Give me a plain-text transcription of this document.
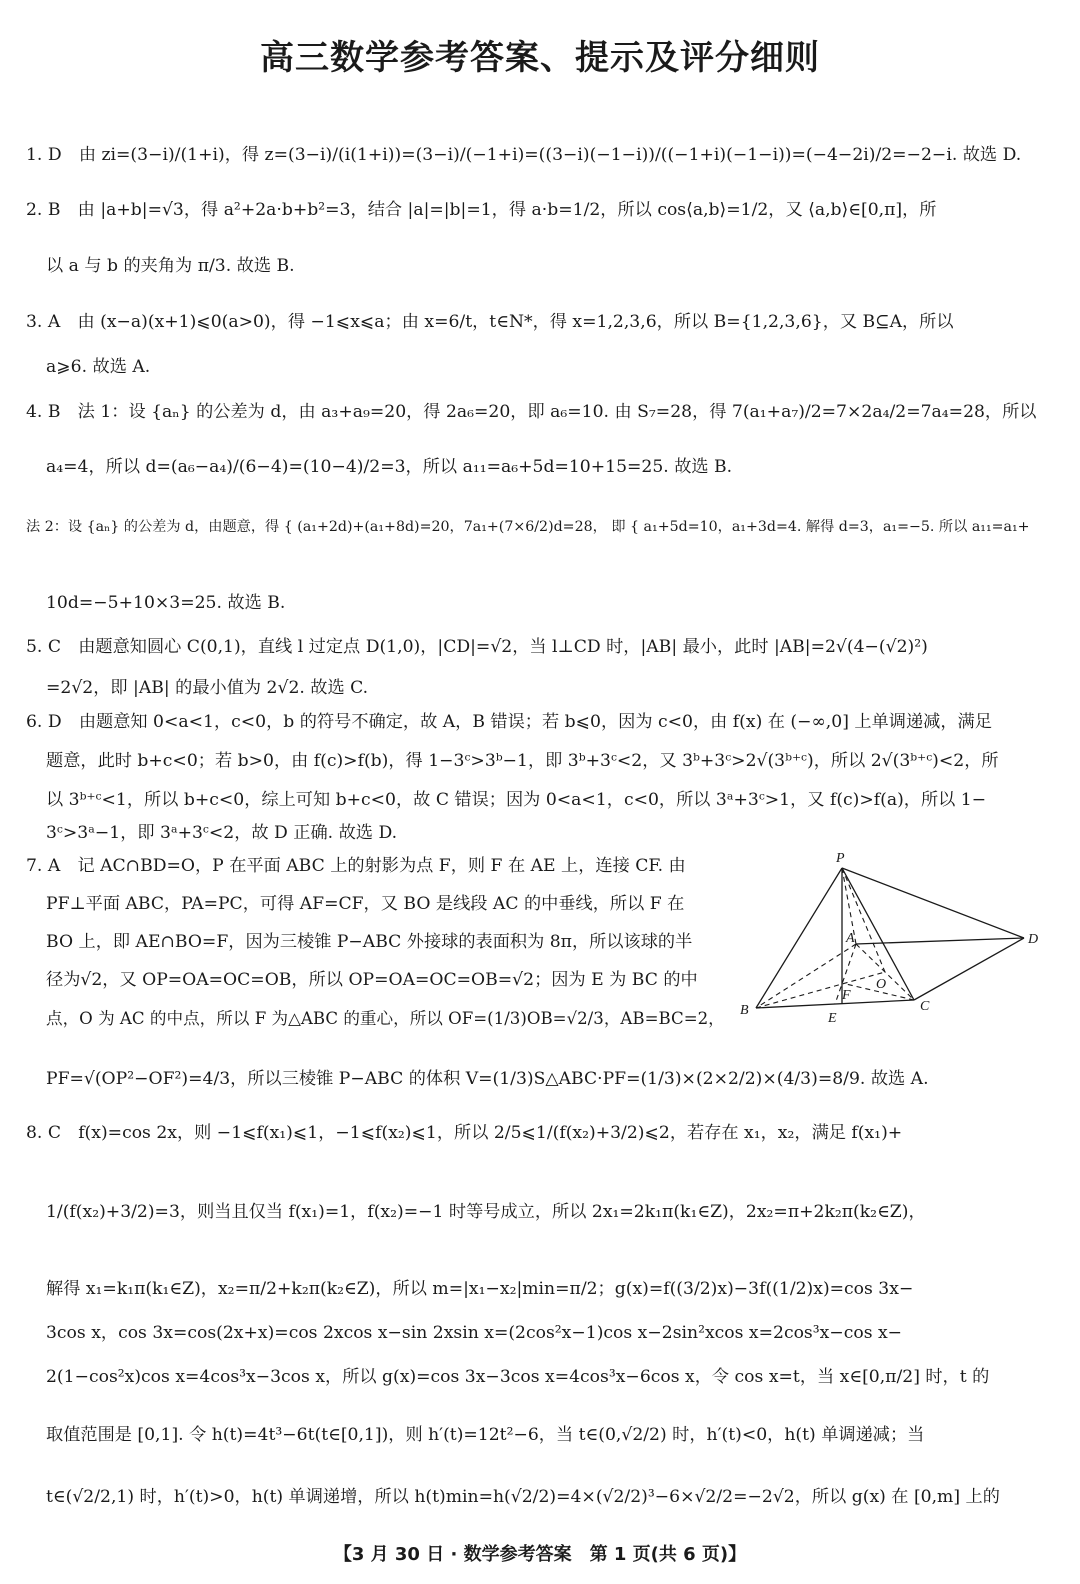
高三数学参考答案、提示及评分细则
1. D　由 zi=(3−i)/(1+i)，得 z=(3−i)/(i(1+i))=(3−i)/(−1+i)=((3−i)(−1−i))/((−1+i)(−1−i))=(−4−2i)/2=−2−i. 故选 D.
2. B　由 |a+b|=√3，得 a²+2a·b+b²=3，结合 |a|=|b|=1，得 a·b=1/2，所以 cos⟨a,b⟩=1/2，又 ⟨a,b⟩∈[0,π]，所
以 a 与 b 的夹角为 π/3. 故选 B.
3. A　由 (x−a)(x+1)⩽0(a>0)，得 −1⩽x⩽a；由 x=6/t，t∈N*，得 x=1,2,3,6，所以 B={1,2,3,6}，又 B⊆A，所以
a⩾6. 故选 A.
4. B　法 1：设 {aₙ} 的公差为 d，由 a₃+a₉=20，得 2a₆=20，即 a₆=10. 由 S₇=28，得 7(a₁+a₇)/2=7×2a₄/2=7a₄=28，所以
a₄=4，所以 d=(a₆−a₄)/(6−4)=(10−4)/2=3，所以 a₁₁=a₆+5d=10+15=25. 故选 B.
法 2：设 {aₙ} 的公差为 d，由题意，得 { (a₁+2d)+(a₁+8d)=20，7a₁+(7×6/2)d=28， 即 { a₁+5d=10，a₁+3d=4. 解得 d=3，a₁=−5. 所以 a₁₁=a₁+
10d=−5+10×3=25. 故选 B.
5. C　由题意知圆心 C(0,1)，直线 l 过定点 D(1,0)，|CD|=√2，当 l⊥CD 时，|AB| 最小，此时 |AB|=2√(4−(√2)²)
=2√2，即 |AB| 的最小值为 2√2. 故选 C.
6. D　由题意知 0<a<1，c<0，b 的符号不确定，故 A，B 错误；若 b⩽0，因为 c<0，由 f(x) 在 (−∞,0] 上单调递减，满足
题意，此时 b+c<0；若 b>0，由 f(c)>f(b)，得 1−3ᶜ>3ᵇ−1，即 3ᵇ+3ᶜ<2，又 3ᵇ+3ᶜ>2√(3ᵇ⁺ᶜ)，所以 2√(3ᵇ⁺ᶜ)<2，所
以 3ᵇ⁺ᶜ<1，所以 b+c<0，综上可知 b+c<0，故 C 错误；因为 0<a<1，c<0，所以 3ᵃ+3ᶜ>1，又 f(c)>f(a)，所以 1−
3ᶜ>3ᵃ−1，即 3ᵃ+3ᶜ<2，故 D 正确. 故选 D.
7. A　记 AC∩BD=O，P 在平面 ABC 上的射影为点 F，则 F 在 AE 上，连接 CF. 由
PF⊥平面 ABC，PA=PC，可得 AF=CF，又 BO 是线段 AC 的中垂线，所以 F 在
BO 上，即 AE∩BO=F，因为三棱锥 P−ABC 外接球的表面积为 8π，所以该球的半
径为√2，又 OP=OA=OC=OB，所以 OP=OA=OC=OB=√2；因为 E 为 BC 的中
点，O 为 AC 的中点，所以 F 为△ABC 的重心，所以 OF=(1/3)OB=√2/3，AB=BC=2，
PF=√(OP²−OF²)=4/3，所以三棱锥 P−ABC 的体积 V=(1/3)S△ABC·PF=(1/3)×(2×2/2)×(4/3)=8/9. 故选 A.
8. C　f(x)=cos 2x，则 −1⩽f(x₁)⩽1，−1⩽f(x₂)⩽1，所以 2/5⩽1/(f(x₂)+3/2)⩽2，若存在 x₁，x₂，满足 f(x₁)+
1/(f(x₂)+3/2)=3，则当且仅当 f(x₁)=1，f(x₂)=−1 时等号成立，所以 2x₁=2k₁π(k₁∈Z)，2x₂=π+2k₂π(k₂∈Z)，
解得 x₁=k₁π(k₁∈Z)，x₂=π/2+k₂π(k₂∈Z)，所以 m=|x₁−x₂|min=π/2；g(x)=f((3/2)x)−3f((1/2)x)=cos 3x−
3cos x，cos 3x=cos(2x+x)=cos 2xcos x−sin 2xsin x=(2cos²x−1)cos x−2sin²xcos x=2cos³x−cos x−
2(1−cos²x)cos x=4cos³x−3cos x，所以 g(x)=cos 3x−3cos x=4cos³x−6cos x，令 cos x=t，当 x∈[0,π/2] 时，t 的
取值范围是 [0,1]. 令 h(t)=4t³−6t(t∈[0,1])，则 h′(t)=12t²−6，当 t∈(0,√2/2) 时，h′(t)<0，h(t) 单调递减；当
t∈(√2/2,1) 时，h′(t)>0，h(t) 单调递增，所以 h(t)min=h(√2/2)=4×(√2/2)³−6×√2/2=−2√2，所以 g(x) 在 [0,m] 上的
P
A
B	C
D
E
F
O
【3 月 30 日 · 数学参考答案　第 1 页(共 6 页)】
